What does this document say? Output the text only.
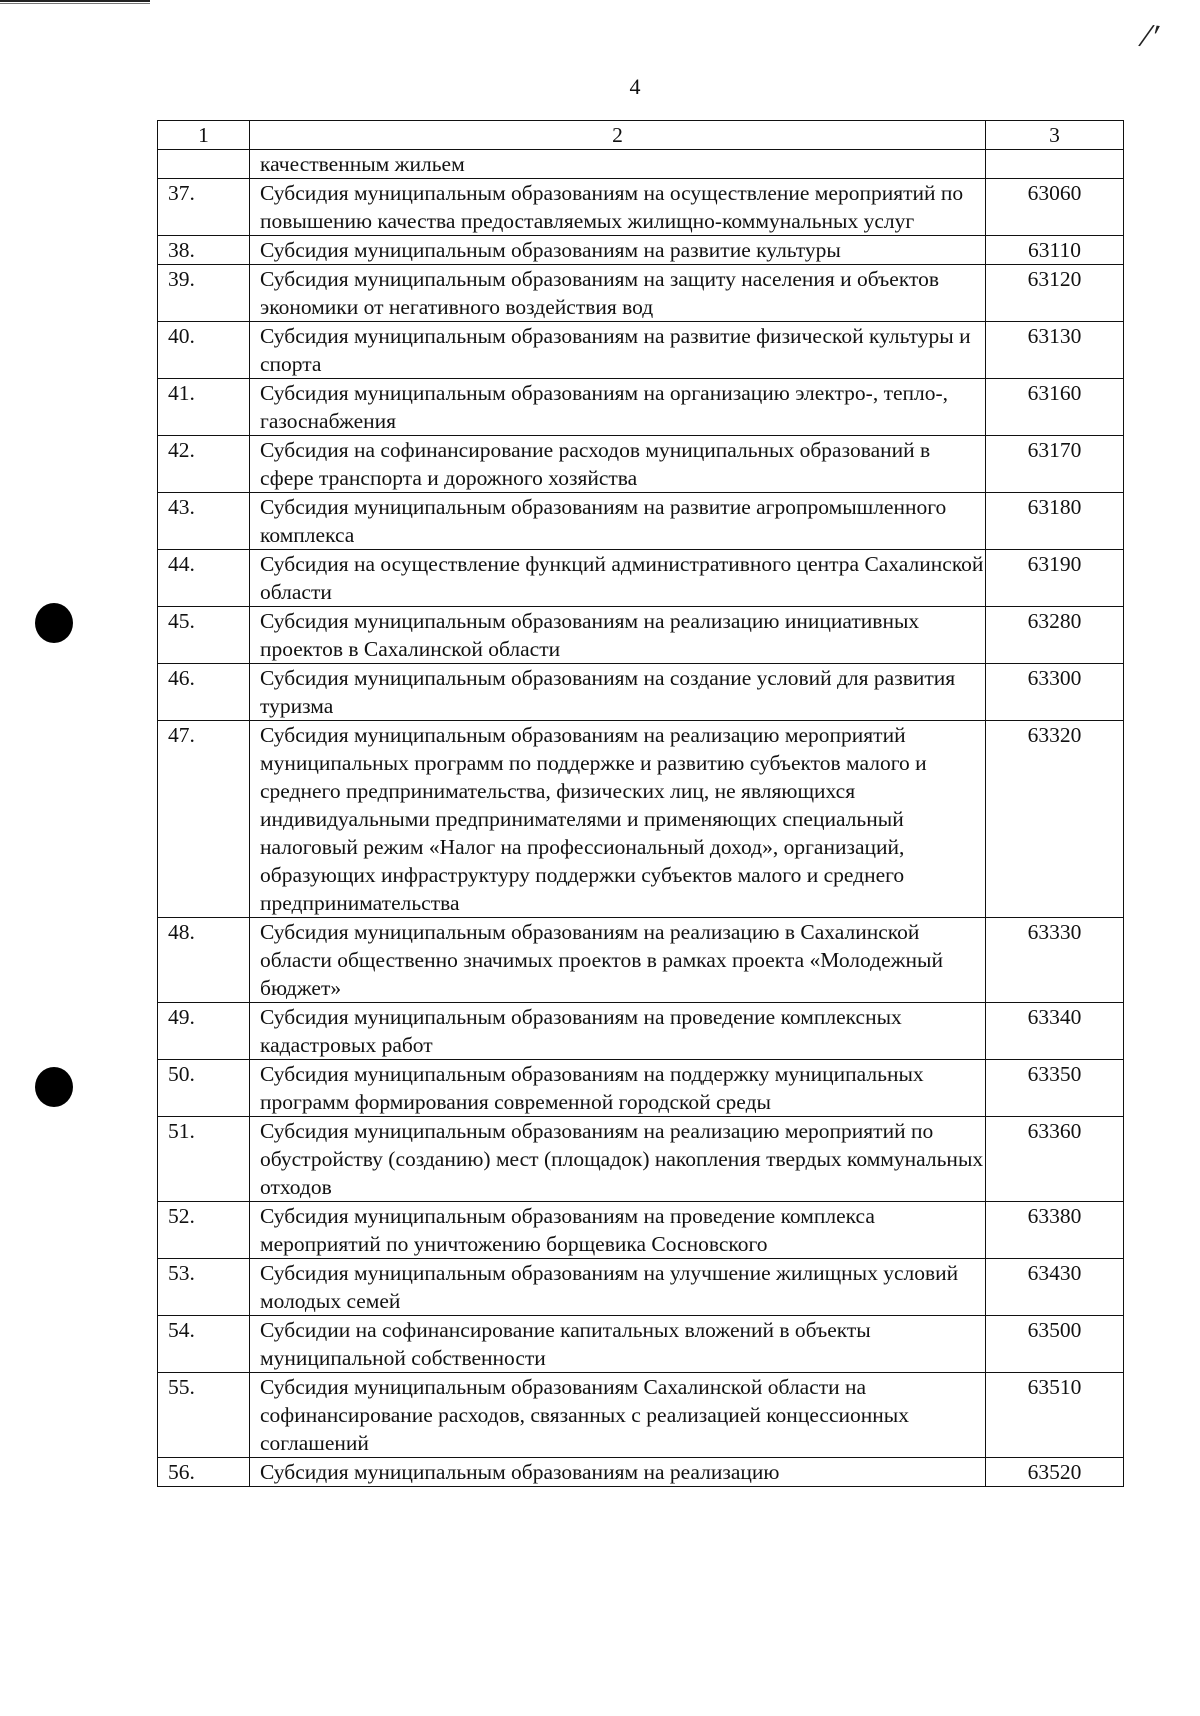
/′
4
1	2	3
	качественным жильем	
37.	Субсидия муниципальным образованиям на осуществление мероприятий по повышению качества предоставляемых жилищно-коммунальных услуг	63060
38.	Субсидия муниципальным образованиям на развитие культуры	63110
39.	Субсидия муниципальным образованиям на защиту населения и объектов экономики от негативного воздействия вод	63120
40.	Субсидия муниципальным образованиям на развитие физической культуры и спорта	63130
41.	Субсидия муниципальным образованиям на организацию электро-, тепло-, газоснабжения	63160
42.	Субсидия на софинансирование расходов муниципальных образований в сфере транспорта и дорожного хозяйства	63170
43.	Субсидия муниципальным образованиям на развитие агропромышленного комплекса	63180
44.	Субсидия на осуществление функций административного центра Сахалинской области	63190
45.	Субсидия муниципальным образованиям на реализацию инициативных проектов в Сахалинской области	63280
46.	Субсидия муниципальным образованиям на создание условий для развития туризма	63300
47.	Субсидия муниципальным образованиям на реализацию мероприятий муниципальных программ по поддержке и развитию субъектов малого и среднего предпринимательства, физических лиц, не являющихся индивидуальными предпринимателями и применяющих специальный налоговый режим «Налог на профессиональный доход», организаций, образующих инфраструктуру поддержки субъектов малого и среднего предпринимательства	63320
48.	Субсидия муниципальным образованиям на реализацию в Сахалинской области общественно значимых проектов в рамках проекта «Молодежный бюджет»	63330
49.	Субсидия муниципальным образованиям на проведение комплексных кадастровых работ	63340
50.	Субсидия муниципальным образованиям на поддержку муниципальных программ формирования современной городской среды	63350
51.	Субсидия муниципальным образованиям на реализацию мероприятий по обустройству (созданию) мест (площадок) накопления твердых коммунальных отходов	63360
52.	Субсидия муниципальным образованиям на проведение комплекса мероприятий по уничтожению борщевика Сосновского	63380
53.	Субсидия муниципальным образованиям на улучшение жилищных условий молодых семей	63430
54.	Субсидии на софинансирование капитальных вложений в объекты муниципальной собственности	63500
55.	Субсидия муниципальным образованиям Сахалинской области на софинансирование расходов, связанных с реализацией концессионных соглашений	63510
56.	Субсидия муниципальным образованиям на реализацию	63520
